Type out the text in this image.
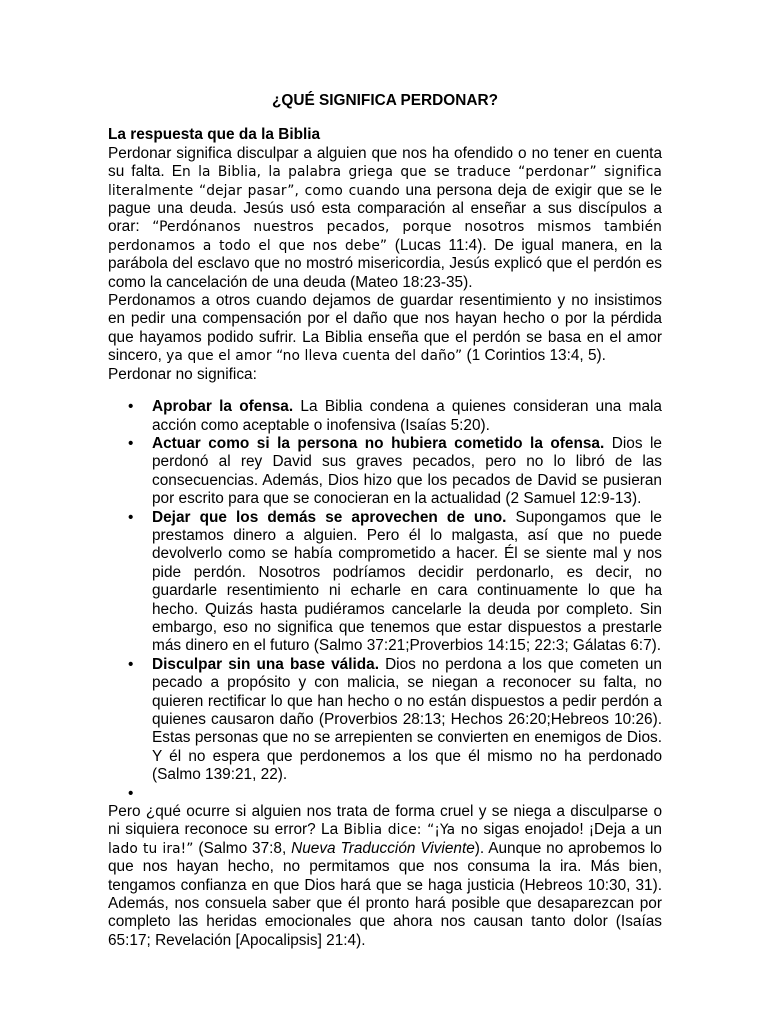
¿QUÉ SIGNIFICA PERDONAR?
La respuesta que da la Biblia

Perdonar significa disculpar a alguien que nos ha ofendido o no tener en cuenta su falta. En la Biblia, la palabra griega que se traduce “perdonar” significa literalmente “dejar pasar”, como cuando una persona deja de exigir que se le pague una deuda. Jesús usó esta comparación al enseñar a sus discípulos a orar: “Perdónanos nuestros pecados, porque nosotros mismos también perdonamos a todo el que nos debe” (Lucas 11:4). De igual manera, en la parábola del esclavo que no mostró misericordia, Jesús explicó que el perdón es como la cancelación de una deuda (Mateo 18:23-35).

Perdonamos a otros cuando dejamos de guardar resentimiento y no insistimos en pedir una compensación por el daño que nos hayan hecho o por la pérdida que hayamos podido sufrir. La Biblia enseña que el perdón se basa en el amor sincero, ya que el amor “no lleva cuenta del daño” (1 Corintios 13:4, 5).

Perdonar no significa:

• Aprobar la ofensa. La Biblia condena a quienes consideran una mala acción como aceptable o inofensiva (Isaías 5:20).
• Actuar como si la persona no hubiera cometido la ofensa. Dios le perdonó al rey David sus graves pecados, pero no lo libró de las consecuencias. Además, Dios hizo que los pecados de David se pusieran por escrito para que se conocieran en la actualidad (2 Samuel 12:9-13).
• Dejar que los demás se aprovechen de uno. Supongamos que le prestamos dinero a alguien. Pero él lo malgasta, así que no puede devolverlo como se había comprometido a hacer. Él se siente mal y nos pide perdón. Nosotros podríamos decidir perdonarlo, es decir, no guardarle resentimiento ni echarle en cara continuamente lo que ha hecho. Quizás hasta pudiéramos cancelarle la deuda por completo. Sin embargo, eso no significa que tenemos que estar dispuestos a prestarle más dinero en el futuro (Salmo 37:21;Proverbios 14:15; 22:3; Gálatas 6:7).
• Disculpar sin una base válida. Dios no perdona a los que cometen un pecado a propósito y con malicia, se niegan a reconocer su falta, no quieren rectificar lo que han hecho o no están dispuestos a pedir perdón a quienes causaron daño (Proverbios 28:13; Hechos 26:20;Hebreos 10:26). Estas personas que no se arrepienten se convierten en enemigos de Dios. Y él no espera que perdonemos a los que él mismo no ha perdonado (Salmo 139:21, 22).
•

Pero ¿qué ocurre si alguien nos trata de forma cruel y se niega a disculparse o ni siquiera reconoce su error? La Biblia dice: “¡Ya no sigas enojado! ¡Deja a un lado tu ira!” (Salmo 37:8, Nueva Traducción Viviente). Aunque no aprobemos lo que nos hayan hecho, no permitamos que nos consuma la ira. Más bien, tengamos confianza en que Dios hará que se haga justicia (Hebreos 10:30, 31). Además, nos consuela saber que él pronto hará posible que desaparezcan por completo las heridas emocionales que ahora nos causan tanto dolor (Isaías 65:17; Revelación [Apocalipsis] 21:4).
